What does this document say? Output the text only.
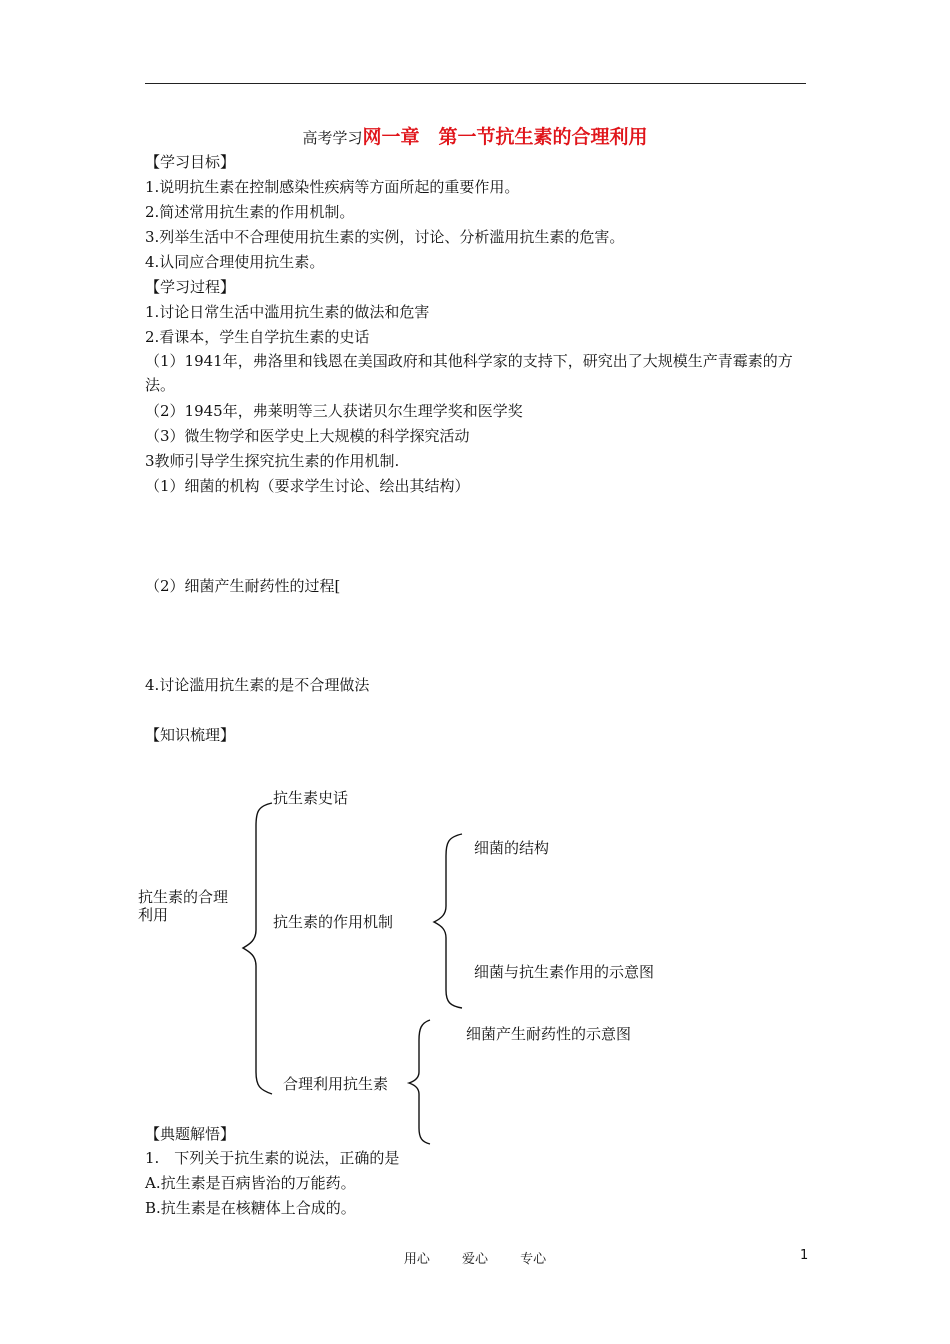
高考学习网一章　第一节抗生素的合理利用
【学习目标】
1.说明抗生素在控制感染性疾病等方面所起的重要作用。
2.简述常用抗生素的作用机制。
3.列举生活中不合理使用抗生素的实例，讨论、分析滥用抗生素的危害。
4.认同应合理使用抗生素。
【学习过程】
1.讨论日常生活中滥用抗生素的做法和危害
2.看课本，学生自学抗生素的史话
（1）1941年，弗洛里和钱恩在美国政府和其他科学家的支持下，研究出了大规模生产青霉素的方法。
（2）1945年，弗莱明等三人获诺贝尔生理学奖和医学奖
（3）微生物学和医学史上大规模的科学探究活动
3教师引导学生探究抗生素的作用机制.
（1）细菌的机构（要求学生讨论、绘出其结构）
（2）细菌产生耐药性的过程[
4.讨论滥用抗生素的是不合理做法
【知识梳理】
抗生素的合理利用
抗生素史话
抗生素的作用机制
细菌的结构
细菌与抗生素作用的示意图
合理利用抗生素
细菌产生耐药性的示意图
【典题解悟】
1.　下列关于抗生素的说法，正确的是
A.抗生素是百病皆治的万能药。
B.抗生素是在核糖体上合成的。
用心 爱心 专心	1
